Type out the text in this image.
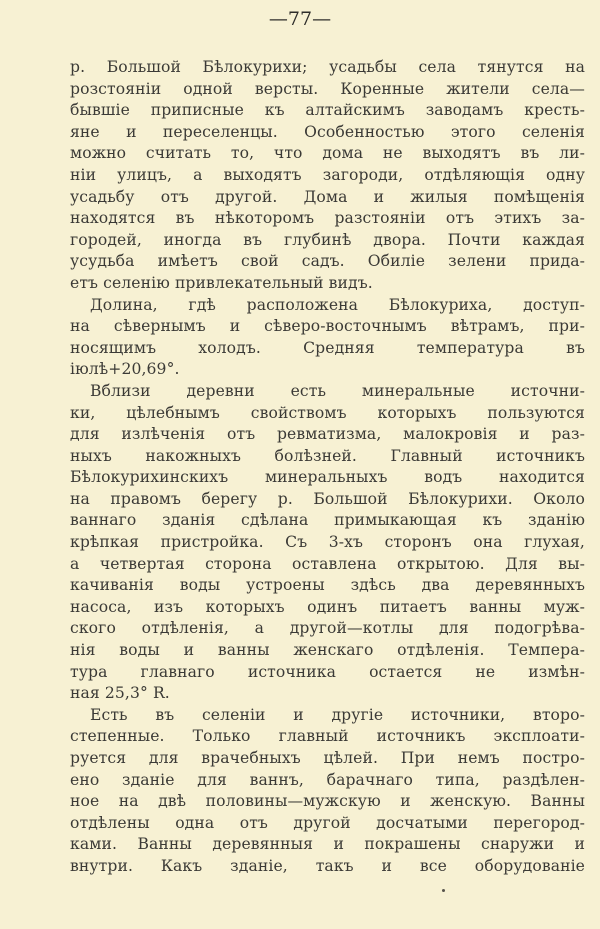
—77—
р. Большой Бѣлокурихи; усадьбы села тянутся на
розстояніи одной версты. Коренные жители села—
бывшіе приписные къ алтайскимъ заводамъ кресть-
яне и переселенцы. Особенностью этого селенія
можно считать то, что дома не выходятъ въ ли-
ніи улицъ, а выходятъ загороди, отдѣляющія одну
усадьбу отъ другой. Дома и жилыя помѣщенія
находятся въ нѣкоторомъ разстояніи отъ этихъ за-
городей, иногда въ глубинѣ двора. Почти каждая
усудьба имѣетъ свой садъ. Обиліе зелени прида-
етъ селенію привлекательный видъ.
Долина, гдѣ расположена Бѣлокуриха, доступ-
на сѣвернымъ и сѣверо-восточнымъ вѣтрамъ, при-
носящимъ холодъ. Средняя температура въ
іюлѣ+20,69°.
Вблизи деревни есть минеральные источни-
ки, цѣлебнымъ свойствомъ которыхъ пользуются
для излѣченія отъ ревматизма, малокровія и раз-
ныхъ накожныхъ болѣзней. Главный источникъ
Бѣлокурихинскихъ минеральныхъ водъ находится
на правомъ берегу р. Большой Бѣлокурихи. Около
ваннаго зданія сдѣлана примыкающая къ зданію
крѣпкая пристройка. Съ 3-хъ сторонъ она глухая,
а четвертая сторона оставлена открытою. Для вы-
качиванія воды устроены здѣсь два деревянныхъ
насоса, изъ которыхъ одинъ питаетъ ванны муж-
ского отдѣленія, а другой—котлы для подогрѣва-
нія воды и ванны женскаго отдѣленія. Темпера-
тура главнаго источника остается не измѣн-
ная 25,3° R.
Есть въ селеніи и другіе источники, второ-
степенные. Только главный источникъ эксплоати-
руется для врачебныхъ цѣлей. При немъ постро-
ено зданіе для ваннъ, барачнаго типа, раздѣлен-
ное на двѣ половины—мужскую и женскую. Ванны
отдѣлены одна отъ другой досчатыми перегород-
ками. Ванны деревянныя и покрашены снаружи и
внутри. Какъ зданіе, такъ и все оборудованіе
